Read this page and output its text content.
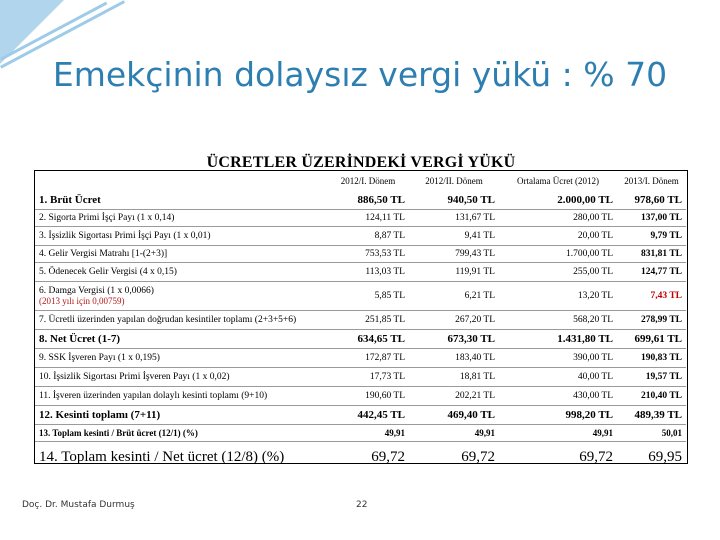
Emekçinin dolaysız vergi yükü : % 70
ÜCRETLER ÜZERİNDEKİ VERGİ YÜKÜ
	2012/I. Dönem	2012/II. Dönem	Ortalama Ücret (2012)	2013/I. Dönem
1. Brüt Ücret	886,50 TL	940,50 TL	2.000,00 TL	978,60 TL
2. Sigorta Primi İşçi Payı (1 x 0,14)	124,11 TL	131,67 TL	280,00 TL	137,00 TL
3. İşsizlik Sigortası Primi İşçi Payı (1 x 0,01)	8,87 TL	9,41 TL	20,00 TL	9,79 TL
4. Gelir Vergisi Matrahı [1-(2+3)]	753,53 TL	799,43 TL	1.700,00 TL	831,81 TL
5. Ödenecek Gelir Vergisi (4 x 0,15)	113,03 TL	119,91 TL	255,00 TL	124,77 TL
6. Damga Vergisi (1 x 0,0066)
(2013 yılı için 0,00759)	5,85 TL	6,21 TL	13,20 TL	7,43 TL
7. Ücretli üzerinden yapılan doğrudan kesintiler toplamı (2+3+5+6)	251,85 TL	267,20 TL	568,20 TL	278,99 TL
8. Net Ücret (1-7)	634,65 TL	673,30 TL	1.431,80 TL	699,61 TL
9. SSK İşveren Payı (1 x 0,195)	172,87 TL	183,40 TL	390,00 TL	190,83 TL
10. İşsizlik Sigortası Primi İşveren Payı (1 x 0,02)	17,73 TL	18,81 TL	40,00 TL	19,57 TL
11. İşveren üzerinden yapılan dolaylı kesinti toplamı (9+10)	190,60 TL	202,21 TL	430,00 TL	210,40 TL
12. Kesinti toplamı (7+11)	442,45 TL	469,40 TL	998,20 TL	489,39 TL
13. Toplam kesinti / Brüt ücret (12/1) (%)	49,91	49,91	49,91	50,01
14. Toplam kesinti / Net ücret (12/8) (%)	69,72	69,72	69,72	69,95
Doç. Dr. Mustafa Durmuş	22
